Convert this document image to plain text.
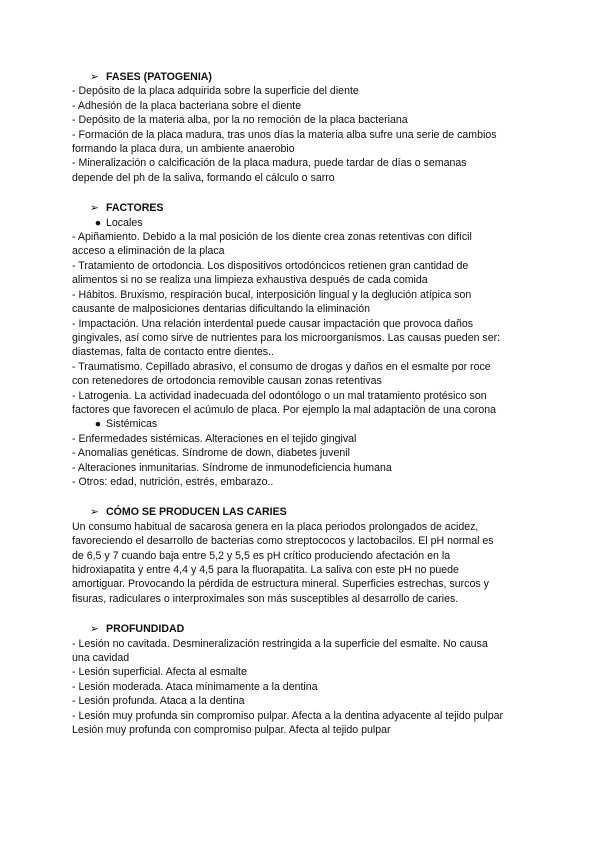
➢ FASES (PATOGENIA)
- Depósito de la placa adquirida sobre la superficie del diente
- Adhesión de la placa bacteriana sobre el diente
- Depósito de la materia alba, por la no remoción de la placa bacteriana
- Formación de la placa madura, tras unos días la materia alba sufre una serie de cambios
formando la placa dura, un ambiente anaerobio
- Mineralización o calcificación de la placa madura, puede tardar de días o semanas
depende del ph de la saliva, formando el cálculo o sarro
➢ FACTORES
● Locales
- Apiñamiento. Debido a la mal posición de los diente crea zonas retentivas con difícil
acceso a eliminación de la placa
- Tratamiento de ortodoncia. Los dispositivos ortodóncicos retienen gran cantidad de
alimentos si no se realiza una limpieza exhaustiva después de cada comida
- Hábitos. Bruxismo, respiración bucal, interposición lingual y la deglución atípica son
causante de malposiciones dentarias dificultando la eliminación
- Impactación. Una relación interdental puede causar impactación que provoca daños
gingivales, así como sirve de nutrientes para los microorganismos. Las causas pueden ser:
diastemas, falta de contacto entre dientes..
- Traumatismo. Cepillado abrasivo, el consumo de drogas y daños en el esmalte por roce
con retenedores de ortodoncia removible causan zonas retentivas
- Latrogenia. La actividad inadecuada del odontólogo o un mal tratamiento protésico son
factores que favorecen el acúmulo de placa. Por ejemplo la mal adaptación de una corona
● Sistémicas
- Enfermedades sistémicas. Alteraciones en el tejido gingival
- Anomalías genéticas. Síndrome de down, diabetes juvenil
- Alteraciones inmunitarias. Síndrome de inmunodeficiencia humana
- Otros: edad, nutrición, estrés, embarazo..
➢ CÓMO SE PRODUCEN LAS CARIES
Un consumo habitual de sacarosa genera en la placa periodos prolongados de acidez,
favoreciendo el desarrollo de bacterias como streptococos y lactobacilos. El pH normal es
de 6,5 y 7 cuando baja entre 5,2 y 5,5 es pH crítico produciendo afectación en la
hidroxiapatita y entre 4,4 y 4,5 para la fluorapatita. La saliva con este pH no puede
amortiguar. Provocando la pérdida de estructura mineral. Superficies estrechas, surcos y
fisuras, radiculares o interproximales son más susceptibles al desarrollo de caries.
➢ PROFUNDIDAD
- Lesión no cavitada. Desmineralización restringida a la superficie del esmalte. No causa
una cavidad
- Lesión superficial. Afecta al esmalte
- Lesión moderada. Ataca mínimamente a la dentina
- Lesión profunda. Ataca a la dentina
- Lesión muy profunda sin compromiso pulpar. Afecta a la dentina adyacente al tejido pulpar
Lesión muy profunda con compromiso pulpar. Afecta al tejido pulpar
